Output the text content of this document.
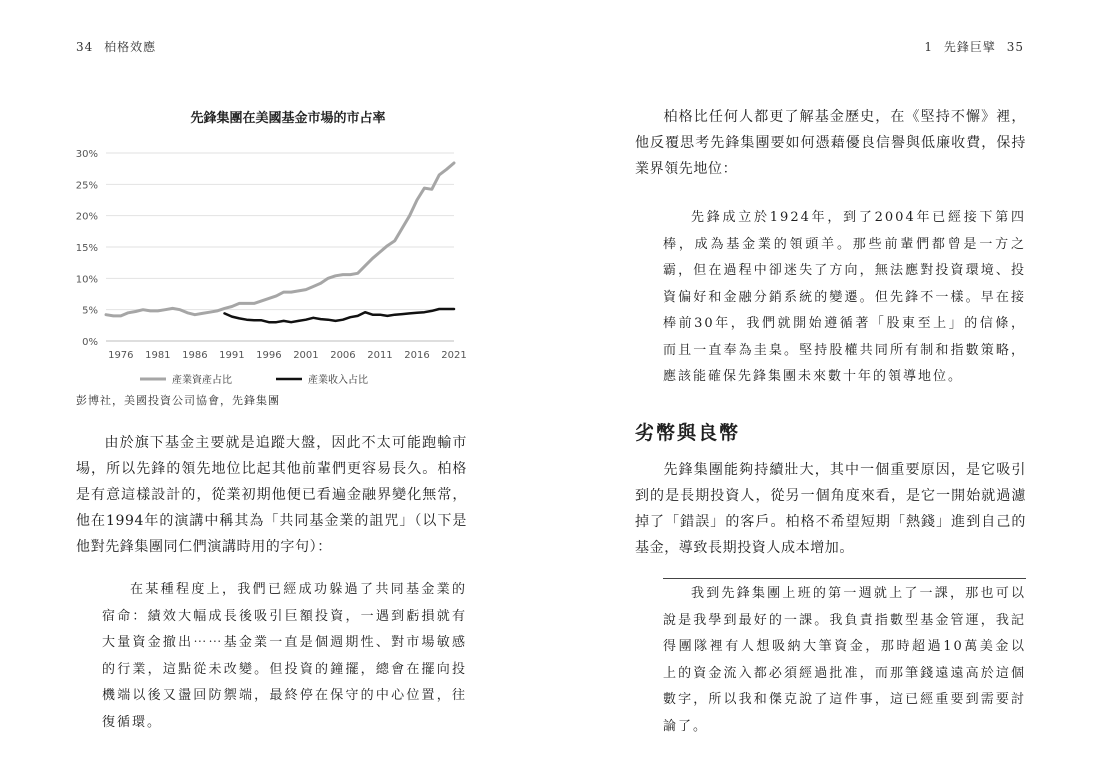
34 柏格效應
先鋒集團在美國基金市場的市占率
0%
5%
10%
15%
20%
25%
30%
1976 1981 1986 1991 1996 2001 2006 2011 2016 2021
產業資產占比	產業收入占比
彭博社，美國投資公司協會，先鋒集團

由於旗下基金主要就是追蹤大盤，因此不太可能跑輸市場，所以先鋒的領先地位比起其他前輩們更容易長久。柏格是有意這樣設計的，從業初期他便已看遍金融界變化無常，他在1994年的演講中稱其為「共同基金業的詛咒」（以下是他對先鋒集團同仁們演講時用的字句）：

在某種程度上，我們已經成功躲過了共同基金業的宿命：績效大幅成長後吸引巨額投資，一遇到虧損就有大量資金撤出⋯⋯基金業一直是個週期性、對市場敏感的行業，這點從未改變。但投資的鐘擺，總會在擺向投機端以後又盪回防禦端，最終停在保守的中心位置，往復循環。

1 先鋒巨擘 35

柏格比任何人都更了解基金歷史，在《堅持不懈》裡，他反覆思考先鋒集團要如何憑藉優良信譽與低廉收費，保持業界領先地位：

先鋒成立於1924年，到了2004年已經接下第四棒，成為基金業的領頭羊。那些前輩們都曾是一方之霸，但在過程中卻迷失了方向，無法應對投資環境、投資偏好和金融分銷系統的變遷。但先鋒不一樣。早在接棒前30年，我們就開始遵循著「股東至上」的信條，而且一直奉為圭臬。堅持股權共同所有制和指數策略，應該能確保先鋒集團未來數十年的領導地位。

劣幣與良幣

先鋒集團能夠持續壯大，其中一個重要原因，是它吸引到的是長期投資人，從另一個角度來看，是它一開始就過濾掉了「錯誤」的客戶。柏格不希望短期「熱錢」進到自己的基金，導致長期投資人成本增加。

我到先鋒集團上班的第一週就上了一課，那也可以說是我學到最好的一課。我負責指數型基金管運，我記得團隊裡有人想吸納大筆資金，那時超過10萬美金以上的資金流入都必須經過批准，而那筆錢遠遠高於這個數字，所以我和傑克說了這件事，這已經重要到需要討論了。
